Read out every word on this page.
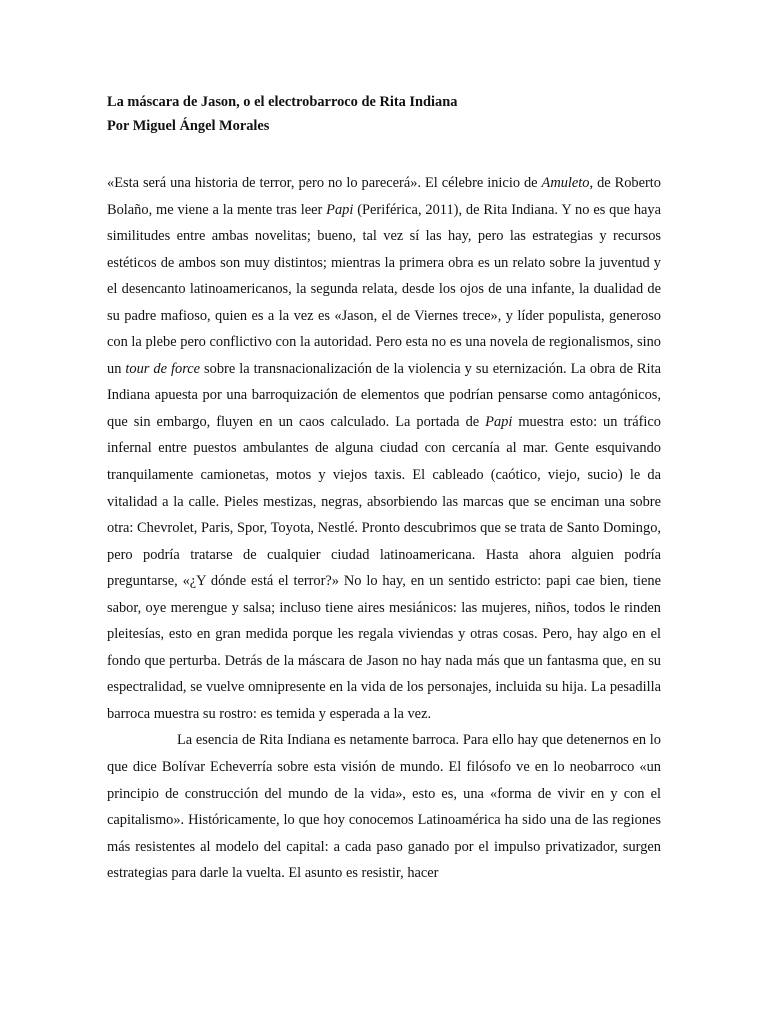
La máscara de Jason, o el electrobarroco de Rita Indiana

Por Miguel Ángel Morales

«Esta será una historia de terror, pero no lo parecerá». El célebre inicio de Amuleto, de Roberto Bolaño, me viene a la mente tras leer Papi (Periférica, 2011), de Rita Indiana. Y no es que haya similitudes entre ambas novelitas; bueno, tal vez sí las hay, pero las estrategias y recursos estéticos de ambos son muy distintos; mientras la primera obra es un relato sobre la juventud y el desencanto latinoamericanos, la segunda relata, desde los ojos de una infante, la dualidad de su padre mafioso, quien es a la vez es «Jason, el de Viernes trece», y líder populista, generoso con la plebe pero conflictivo con la autoridad. Pero esta no es una novela de regionalismos, sino un tour de force sobre la transnacionalización de la violencia y su eternización. La obra de Rita Indiana apuesta por una barroquización de elementos que podrían pensarse como antagónicos, que sin embargo, fluyen en un caos calculado. La portada de Papi muestra esto: un tráfico infernal entre puestos ambulantes de alguna ciudad con cercanía al mar. Gente esquivando tranquilamente camionetas, motos y viejos taxis. El cableado (caótico, viejo, sucio) le da vitalidad a la calle. Pieles mestizas, negras, absorbiendo las marcas que se enciman una sobre otra: Chevrolet, Paris, Spor, Toyota, Nestlé. Pronto descubrimos que se trata de Santo Domingo, pero podría tratarse de cualquier ciudad latinoamericana. Hasta ahora alguien podría preguntarse, «¿Y dónde está el terror?» No lo hay, en un sentido estricto: papi cae bien, tiene sabor, oye merengue y salsa; incluso tiene aires mesiánicos: las mujeres, niños, todos le rinden pleitesías, esto en gran medida porque les regala viviendas y otras cosas. Pero, hay algo en el fondo que perturba. Detrás de la máscara de Jason no hay nada más que un fantasma que, en su espectralidad, se vuelve omnipresente en la vida de los personajes, incluida su hija. La pesadilla barroca muestra su rostro: es temida y esperada a la vez.

La esencia de Rita Indiana es netamente barroca. Para ello hay que detenernos en lo que dice Bolívar Echeverría sobre esta visión de mundo. El filósofo ve en lo neobarroco «un principio de construcción del mundo de la vida», esto es, una «forma de vivir en y con el capitalismo». Históricamente, lo que hoy conocemos Latinoamérica ha sido una de las regiones más resistentes al modelo del capital: a cada paso ganado por el impulso privatizador, surgen estrategias para darle la vuelta. El asunto es resistir, hacer
